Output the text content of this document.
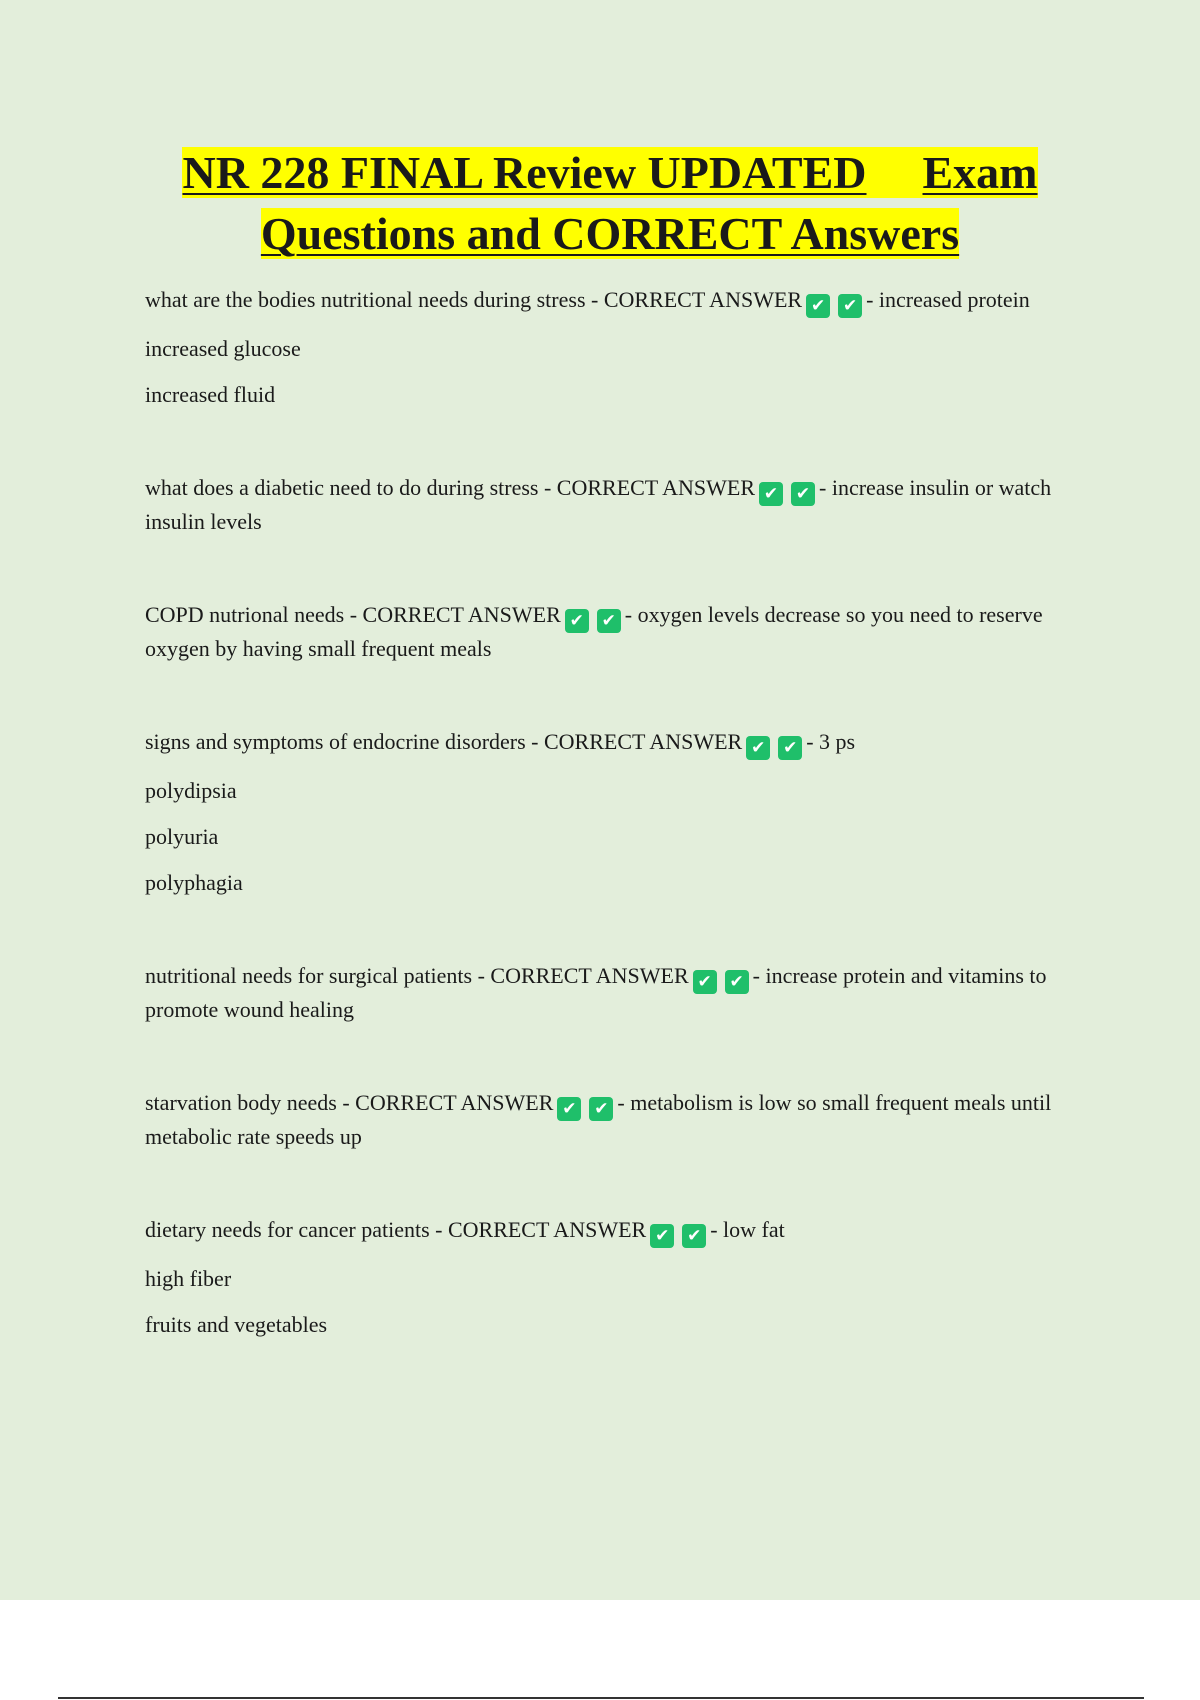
NR 228 FINAL Review UPDATED Exam
Questions and CORRECT Answers

what are the bodies nutritional needs during stress - CORRECT ANSWER ✔ ✔ - increased protein

increased glucose

increased fluid

what does a diabetic need to do during stress - CORRECT ANSWER ✔ ✔ - increase insulin or watch insulin levels

COPD nutrional needs - CORRECT ANSWER ✔ ✔ - oxygen levels decrease so you need to reserve oxygen by having small frequent meals

signs and symptoms of endocrine disorders - CORRECT ANSWER ✔ ✔ - 3 ps

polydipsia

polyuria

polyphagia

nutritional needs for surgical patients - CORRECT ANSWER ✔ ✔ - increase protein and vitamins to promote wound healing

starvation body needs - CORRECT ANSWER ✔ ✔ - metabolism is low so small frequent meals until metabolic rate speeds up

dietary needs for cancer patients - CORRECT ANSWER ✔ ✔ - low fat

high fiber

fruits and vegetables
